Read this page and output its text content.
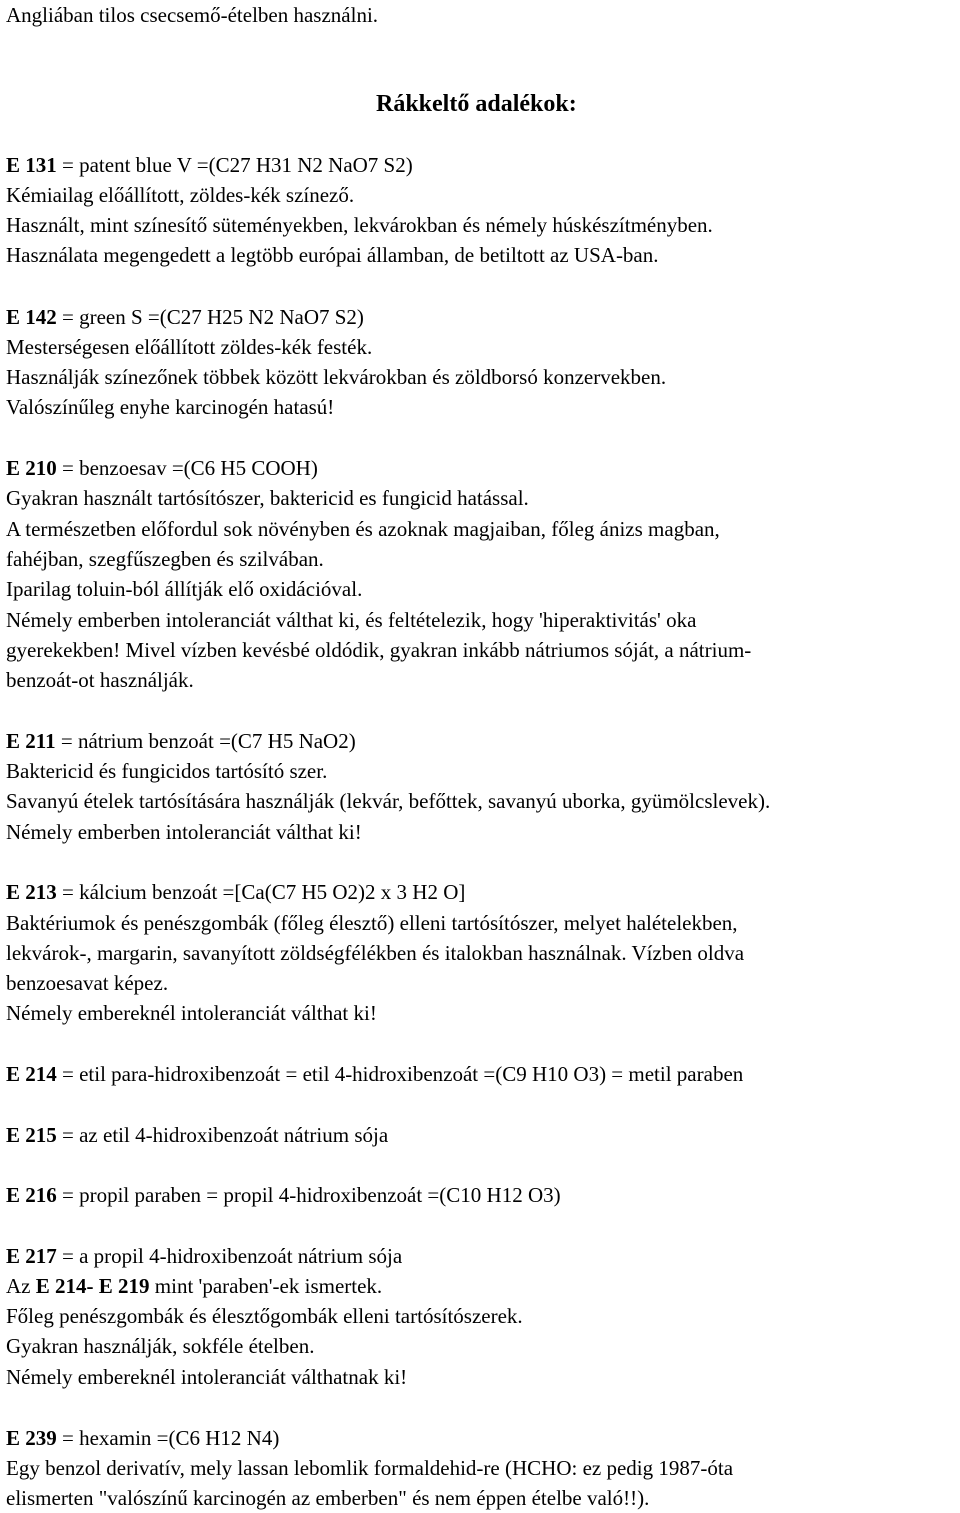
Angliában tilos csecsemő-ételben használni.
Rákkeltő adalékok:
E 131 = patent blue V =(C27 H31 N2 NaO7 S2)
Kémiailag előállított, zöldes-kék színező.
Használt, mint színesítő süteményekben, lekvárokban és némely húskészítményben.
Használata megengedett a legtöbb európai államban, de betiltott az USA-ban.
E 142 = green S =(C27 H25 N2 NaO7 S2)
Mesterségesen előállított zöldes-kék festék.
Használják színezőnek többek között lekvárokban és zöldborsó konzervekben.
Valószínűleg enyhe karcinogén hatasú!
E 210 = benzoesav =(C6 H5 COOH)
Gyakran használt tartósítószer, baktericid es fungicid hatással.
A természetben előfordul sok növényben és azoknak magjaiban, főleg ánizs magban,
fahéjban, szegfűszegben és szilvában.
Iparilag toluin-ból állítják elő oxidációval.
Némely emberben intoleranciát válthat ki, és feltételezik, hogy 'hiperaktivitás' oka
gyerekekben! Mivel vízben kevésbé oldódik, gyakran inkább nátriumos sóját, a nátrium-
benzoát-ot használják.
E 211 = nátrium benzoát =(C7 H5 NaO2)
Baktericid és fungicidos tartósító szer.
Savanyú ételek tartósítására használják (lekvár, befőttek, savanyú uborka, gyümölcslevek).
Némely emberben intoleranciát válthat ki!
E 213 = kálcium benzoát =[Ca(C7 H5 O2)2 x 3 H2 O]
Baktériumok és penészgombák (főleg élesztő) elleni tartósítószer, melyet halételekben,
lekvárok-, margarin, savanyított zöldségfélékben és italokban használnak. Vízben oldva
benzoesavat képez.
Némely embereknél intoleranciát válthat ki!
E 214 = etil para-hidroxibenzoát = etil 4-hidroxibenzoát =(C9 H10 O3) = metil paraben
E 215 = az etil 4-hidroxibenzoát nátrium sója
E 216 = propil paraben = propil 4-hidroxibenzoát =(C10 H12 O3)
E 217 = a propil 4-hidroxibenzoát nátrium sója
Az E 214- E 219 mint 'paraben'-ek ismertek.
Főleg penészgombák és élesztőgombák elleni tartósítószerek.
Gyakran használják, sokféle ételben.
Némely embereknél intoleranciát válthatnak ki!
E 239 = hexamin =(C6 H12 N4)
Egy benzol derivatív, mely lassan lebomlik formaldehid-re (HCHO: ez pedig 1987-óta
elismerten "valószínű karcinogén az emberben" és nem éppen ételbe való!!).
